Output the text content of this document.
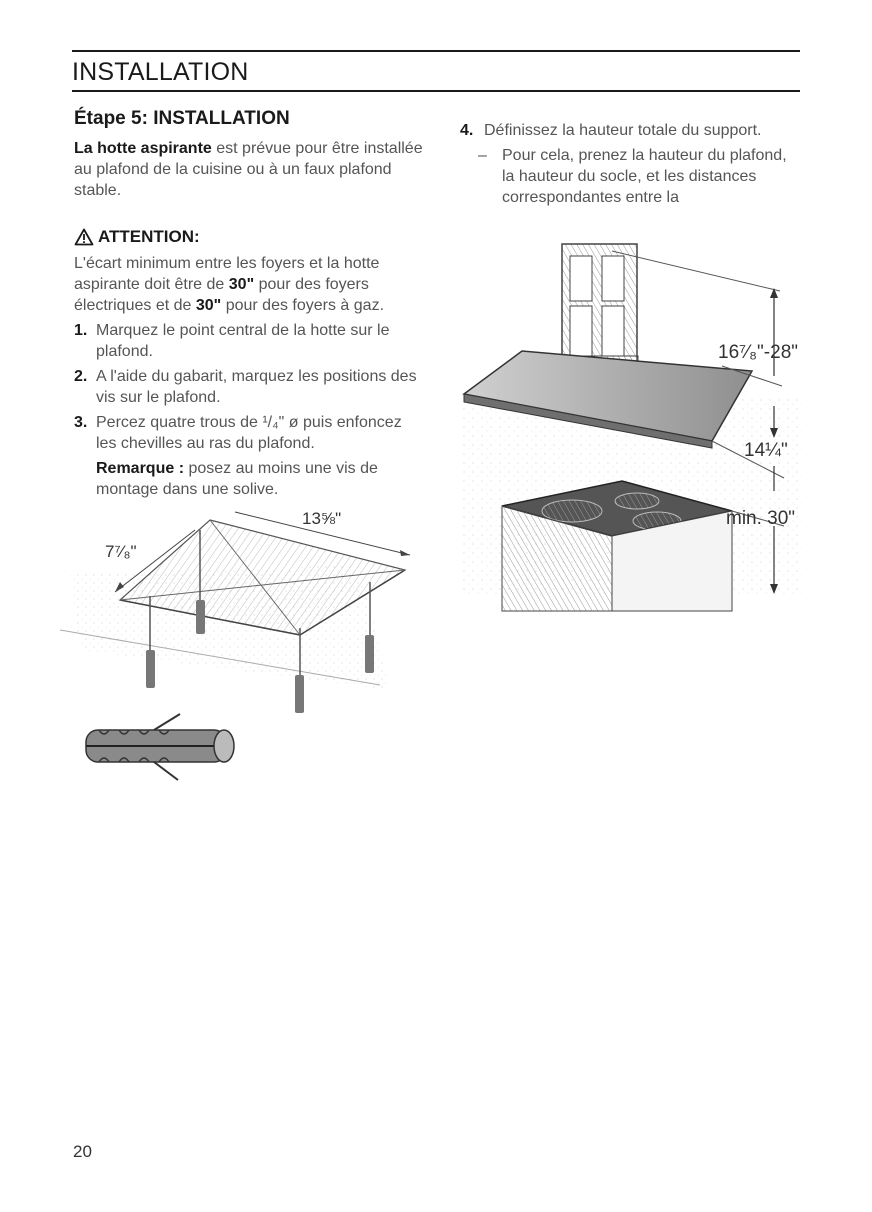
INSTALLATION
Étape 5: INSTALLATION

La hotte aspirante est prévue pour être installée au plafond de la cuisine ou à un faux plafond stable.

ATTENTION:

L'écart minimum entre les foyers et la hotte aspirante doit être de 30" pour des foyers électriques et de 30" pour des foyers à gaz.

1. Marquez le point central de la hotte sur le plafond.
2. A l'aide du gabarit, marquez les positions des vis sur le plafond.
3. Percez quatre trous de ¹/₄" ø puis enfoncez les chevilles au ras du plafond.

Remarque : posez au moins une vis de montage dans une solive.

4. Définissez la hauteur totale du support.
– Pour cela, prenez la hauteur du plafond, la hauteur du socle, et les distances correspondantes entre la
13⅝"
7⁷⁄₈"
16⁷⁄₈"-28"
14¼"
min. 30"
20
